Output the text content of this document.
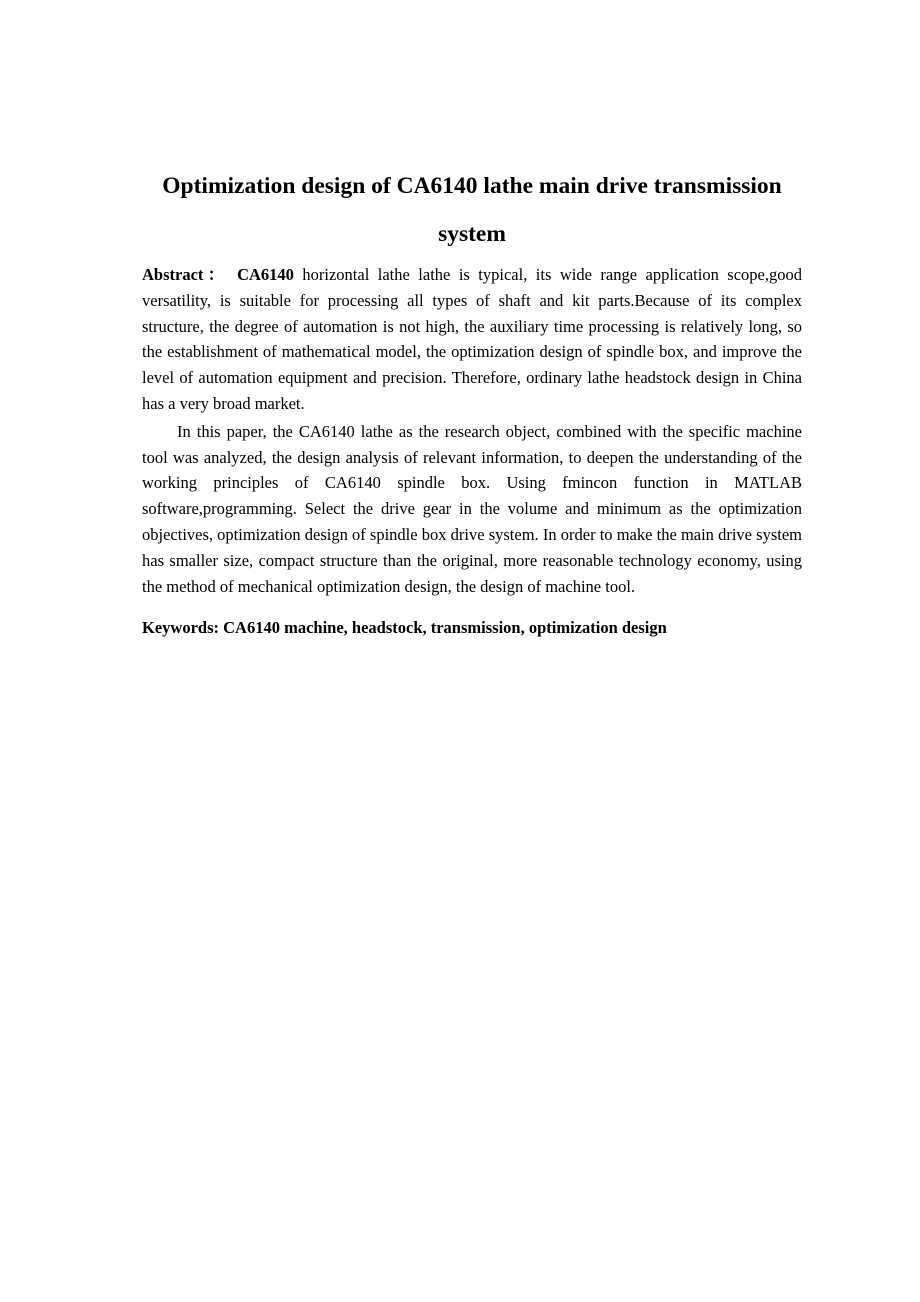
Optimization design of CA6140 lathe main drive transmission
system

Abstract： CA6140 horizontal lathe lathe is typical, its wide range application scope,good versatility, is suitable for processing all types of shaft and kit parts.Because of its complex structure, the degree of automation is not high, the auxiliary time processing is relatively long, so the establishment of mathematical model, the optimization design of spindle box, and improve the level of automation equipment and precision. Therefore, ordinary lathe headstock design in China has a very broad market.

In this paper, the CA6140 lathe as the research object, combined with the specific machine tool was analyzed, the design analysis of relevant information, to deepen the understanding of the working principles of CA6140 spindle box. Using fmincon function in MATLAB software,programming. Select the drive gear in the volume and minimum as the optimization objectives, optimization design of spindle box drive system. In order to make the main drive system has smaller size, compact structure than the original, more reasonable technology economy, using the method of mechanical optimization design, the design of machine tool.

Keywords: CA6140 machine, headstock, transmission, optimization design
